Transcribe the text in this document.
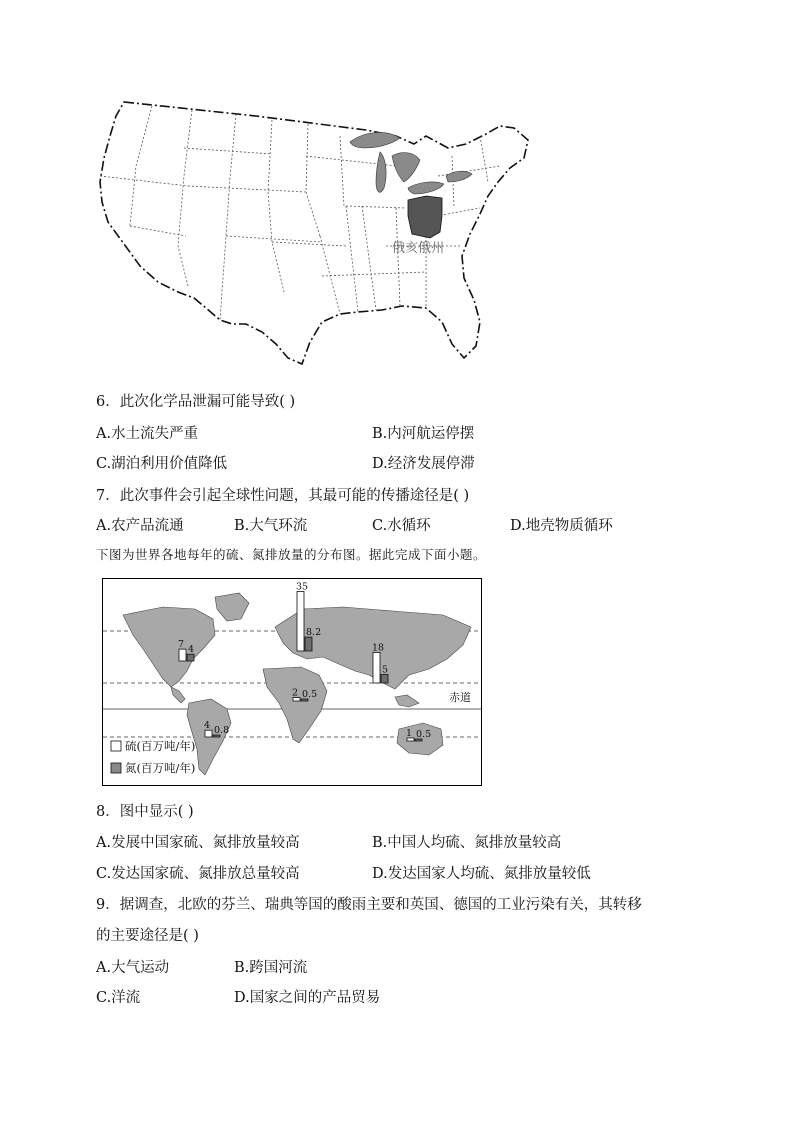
俄亥俄州
6．此次化学品泄漏可能导致( )
A.水土流失严重	B.内河航运停摆
C.湖泊利用价值降低	D.经济发展停滞
7．此次事件会引起全球性问题，其最可能的传播途径是( )
A.农产品流通	B.大气环流	C.水循环	D.地壳物质循环
下图为世界各地每年的硫、氮排放量的分布图。据此完成下面小题。
7 4
35
8.2
18
5
2 0.5
4 0.8	1 0.5
赤道
硫(百万吨/年)
氮(百万吨/年)
8．图中显示( )
A.发展中国家硫、氮排放量较高	B.中国人均硫、氮排放量较高
C.发达国家硫、氮排放总量较高	D.发达国家人均硫、氮排放量较低
9．据调查，北欧的芬兰、瑞典等国的酸雨主要和英国、德国的工业污染有关，其转移
的主要途径是( )
A.大气运动	B.跨国河流
C.洋流	D.国家之间的产品贸易
